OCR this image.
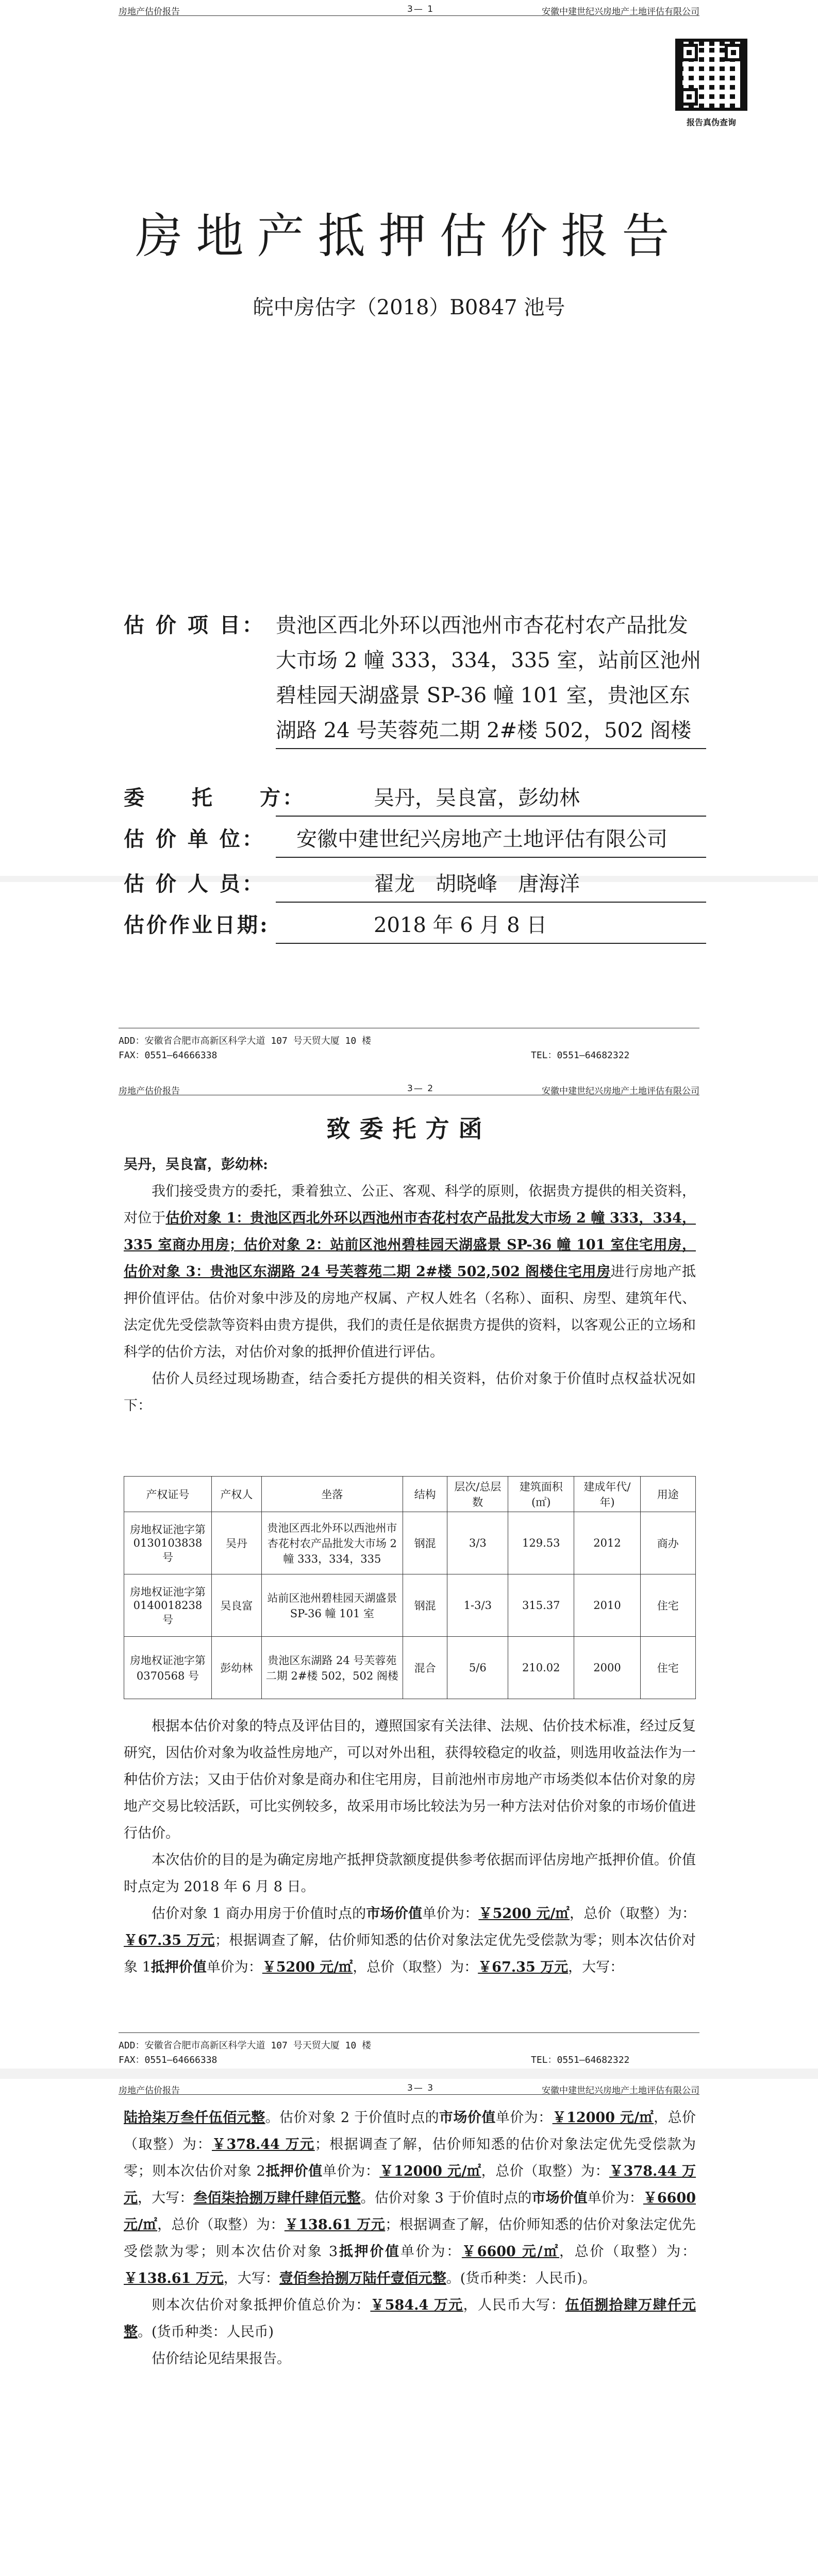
房地产估价报告	3— 1	安徽中建世纪兴房地产土地评估有限公司
报告真伪查询
房地产抵押估价报告
皖中房估字（2018）B0847 池号
估 价 项 目： 贵池区西北外环以西池州市杏花村农产品批发大市场 2 幢 333，334，335 室，站前区池州碧桂园天湖盛景 SP-36 幢 101 室，贵池区东湖路 24 号芙蓉苑二期 2#楼 502，502 阁楼
委　　托　　方：	吴丹，吴良富，彭幼林
估 价 单 位：	安徽中建世纪兴房地产土地评估有限公司
估 价 人 员：	翟龙　胡晓峰　唐海洋
估价作业日期:	2018 年 6 月 8 日
ADD：安徽省合肥市高新区科学大道 107 号天贸大厦 10 楼
FAX：0551—64666338	TEL：0551—64682322
房地产估价报告	3— 2	安徽中建世纪兴房地产土地评估有限公司
致委托方函

吴丹，吴良富，彭幼林:

我们接受贵方的委托，秉着独立、公正、客观、科学的原则，依据贵方提供的相关资料，对位于估价对象 1：贵池区西北外环以西池州市杏花村农产品批发大市场 2 幢 333，334，335 室商办用房；估价对象 2：站前区池州碧桂园天湖盛景 SP-36 幢 101 室住宅用房，估价对象 3：贵池区东湖路 24 号芙蓉苑二期 2#楼 502,502 阁楼住宅用房进行房地产抵押价值评估。估价对象中涉及的房地产权属、产权人姓名（名称）、面积、房型、建筑年代、法定优先受偿款等资料由贵方提供，我们的责任是依据贵方提供的资料，以客观公正的立场和科学的估价方法，对估价对象的抵押价值进行评估。

估价人员经过现场勘查，结合委托方提供的相关资料，估价对象于价值时点权益状况如下：

产权证号	产权人	坐落	结构	层次/总层数	建筑面积(㎡)	建成年代/年)	用途
房地权证池字第 0130103838 号	吴丹	贵池区西北外环以西池州市杏花村农产品批发大市场 2 幢 333，334，335	钢混	3/3	129.53	2012	商办
房地权证池字第 0140018238 号	吴良富	站前区池州碧桂园天湖盛景 SP-36 幢 101 室	钢混	1-3/3	315.37	2010	住宅
房地权证池字第 0370568 号	彭幼林	贵池区东湖路 24 号芙蓉苑二期 2#楼 502，502 阁楼	混合	5/6	210.02	2000	住宅

根据本估价对象的特点及评估目的，遵照国家有关法律、法规、估价技术标准，经过反复研究，因估价对象为收益性房地产，可以对外出租，获得较稳定的收益，则选用收益法作为一种估价方法；又由于估价对象是商办和住宅用房，目前池州市房地产市场类似本估价对象的房地产交易比较活跃，可比实例较多，故采用市场比较法为另一种方法对估价对象的市场价值进行估价。

本次估价的目的是为确定房地产抵押贷款额度提供参考依据而评估房地产抵押价值。价值时点定为 2018 年 6 月 8 日。

估价对象 1 商办用房于价值时点的市场价值单价为：￥5200 元/㎡，总价（取整）为：￥67.35 万元；根据调查了解，估价师知悉的估价对象法定优先受偿款为零；则本次估价对象 1抵押价值单价为：￥5200 元/㎡，总价（取整）为：￥67.35 万元，大写：

ADD：安徽省合肥市高新区科学大道 107 号天贸大厦 10 楼
FAX：0551—64666338	TEL：0551—64682322
房地产估价报告	3— 3	安徽中建世纪兴房地产土地评估有限公司

陆拾柒万叁仟伍佰元整。估价对象 2 于价值时点的市场价值单价为：￥12000 元/㎡，总价（取整）为：￥378.44 万元；根据调查了解，估价师知悉的估价对象法定优先受偿款为零；则本次估价对象 2抵押价值单价为：￥12000 元/㎡，总价（取整）为：￥378.44 万元，大写：叁佰柒拾捌万肆仟肆佰元整。估价对象 3 于价值时点的市场价值单价为：￥6600 元/㎡，总价（取整）为：￥138.61 万元；根据调查了解，估价师知悉的估价对象法定优先受偿款为零；则本次估价对象 3抵押价值单价为：￥6600 元/㎡，总价（取整）为：￥138.61 万元，大写：壹佰叁拾捌万陆仟壹佰元整。(货币种类：人民币)。

则本次估价对象抵押价值总价为：￥584.4 万元，人民币大写：伍佰捌拾肆万肆仟元整。(货币种类：人民币)

估价结论见结果报告。
